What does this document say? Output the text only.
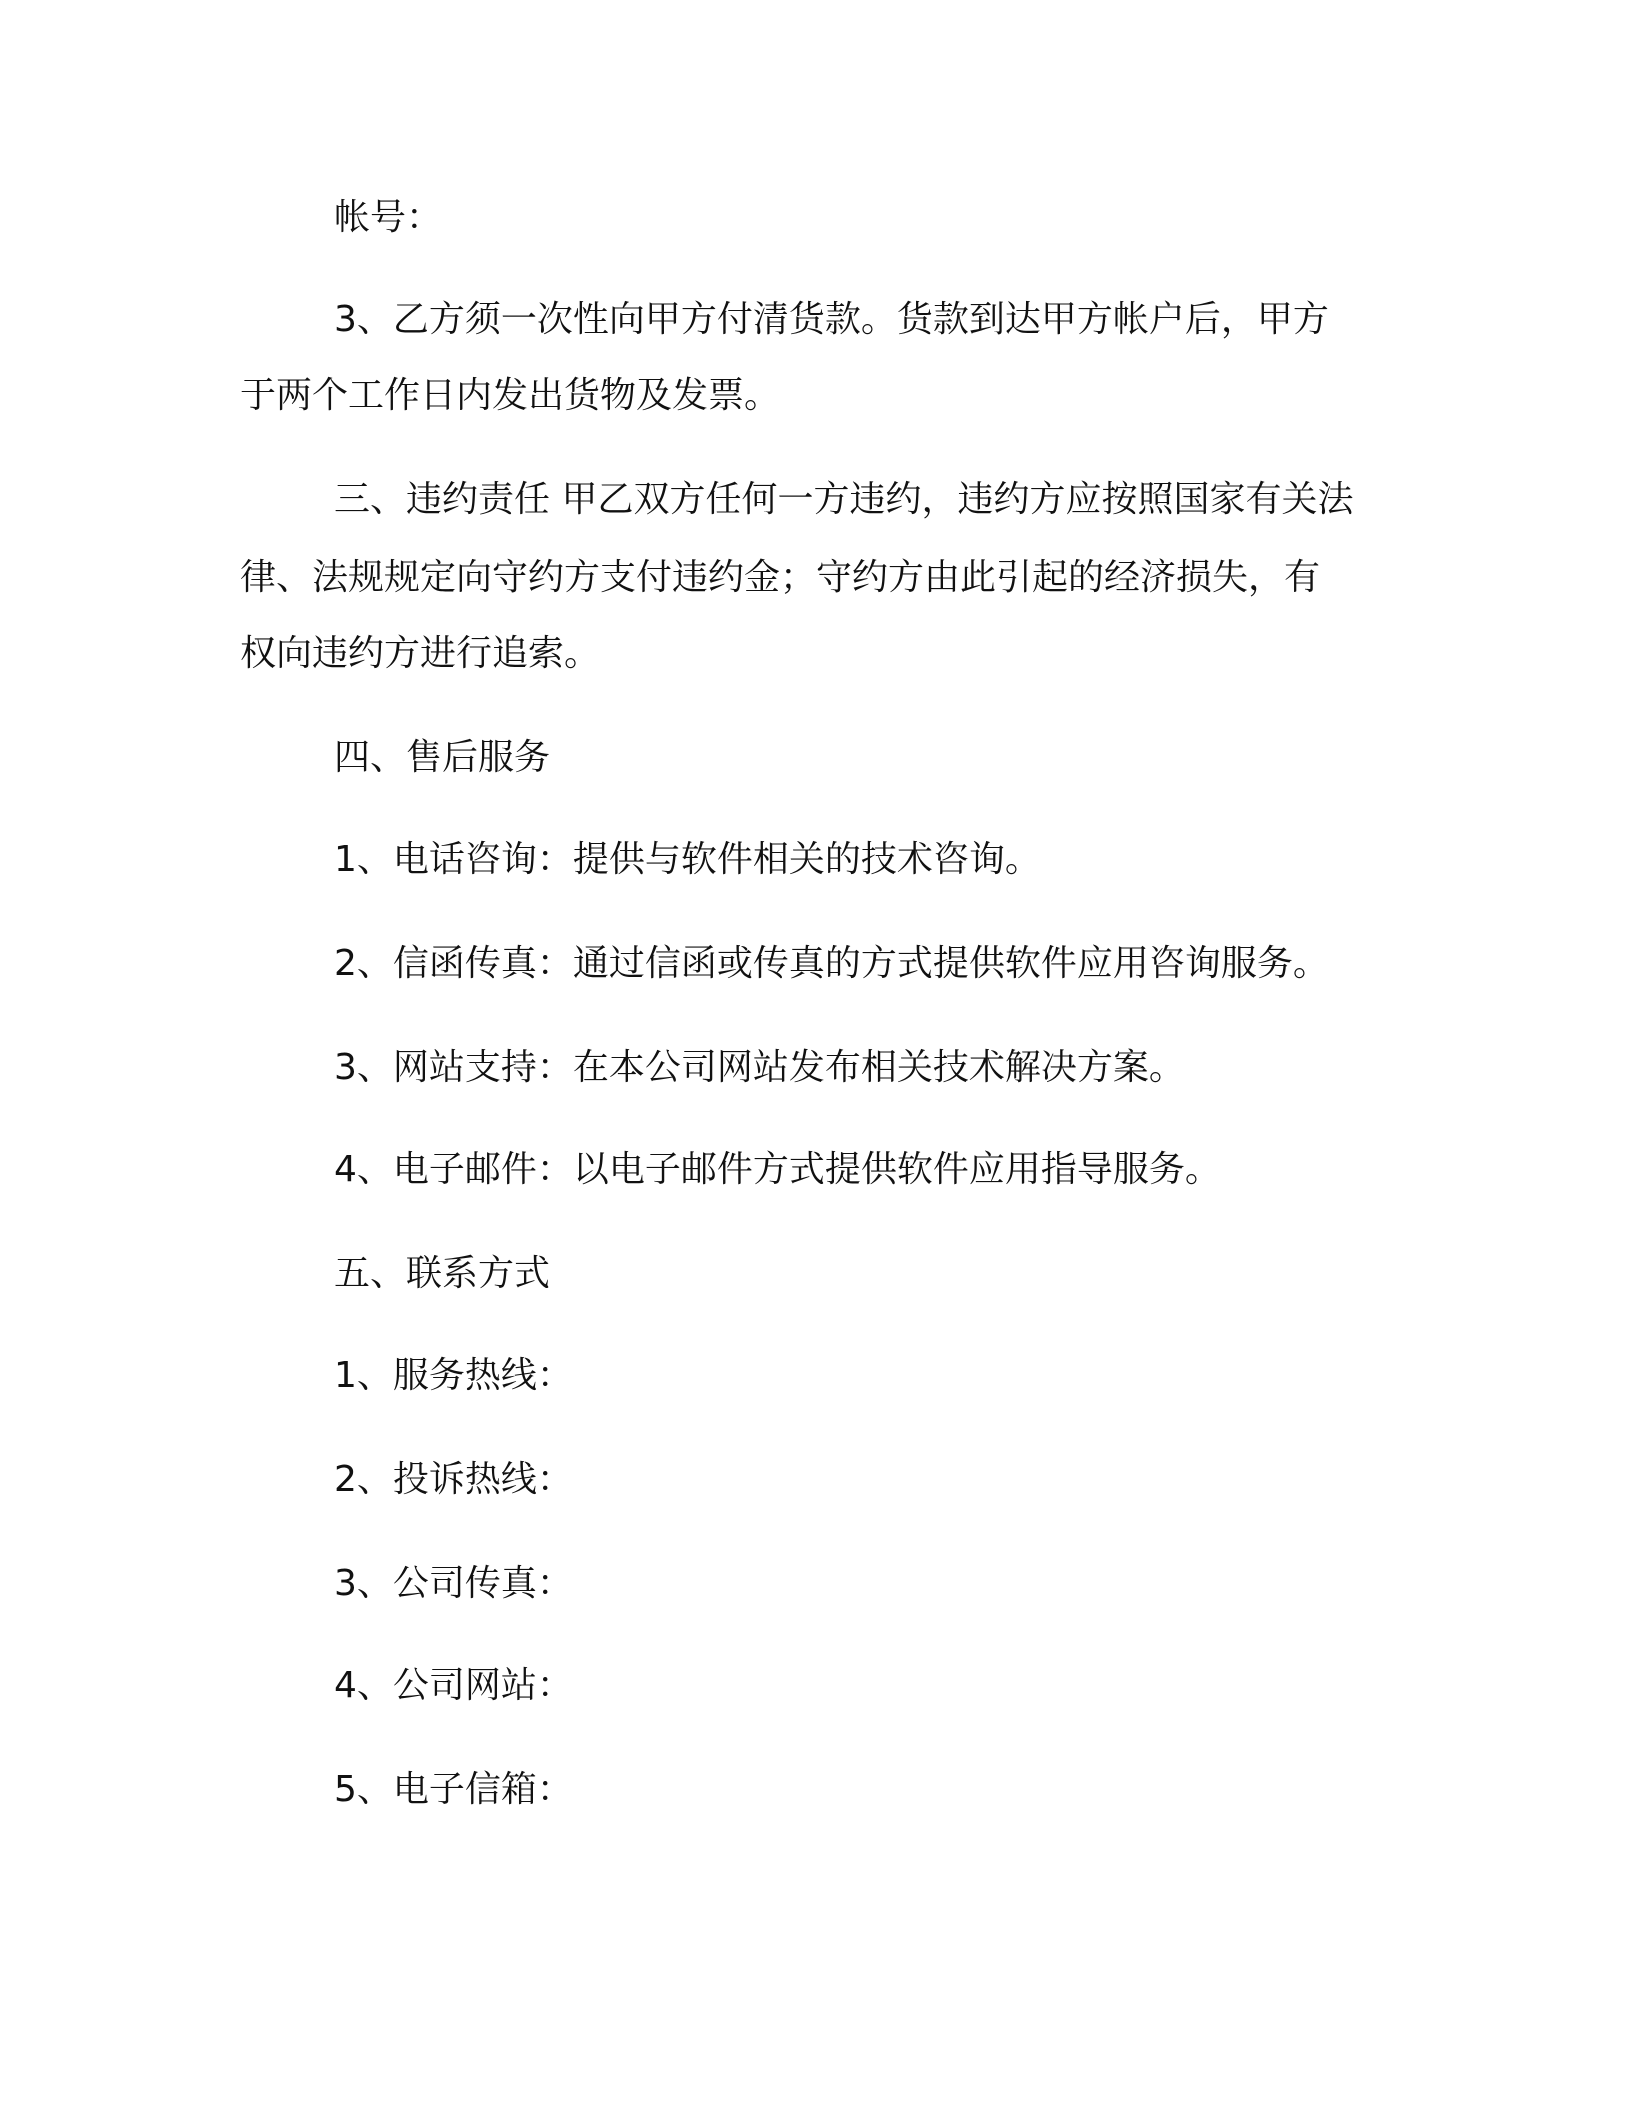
帐号：
3、乙方须一次性向甲方付清货款。货款到达甲方帐户后，甲方
于两个工作日内发出货物及发票。
三、违约责任 甲乙双方任何一方违约，违约方应按照国家有关法
律、法规规定向守约方支付违约金；守约方由此引起的经济损失，有
权向违约方进行追索。
四、售后服务
1、电话咨询：提供与软件相关的技术咨询。
2、信函传真：通过信函或传真的方式提供软件应用咨询服务。
3、网站支持：在本公司网站发布相关技术解决方案。
4、电子邮件：以电子邮件方式提供软件应用指导服务。
五、联系方式
1、服务热线：
2、投诉热线：
3、公司传真：
4、公司网站：
5、电子信箱：
